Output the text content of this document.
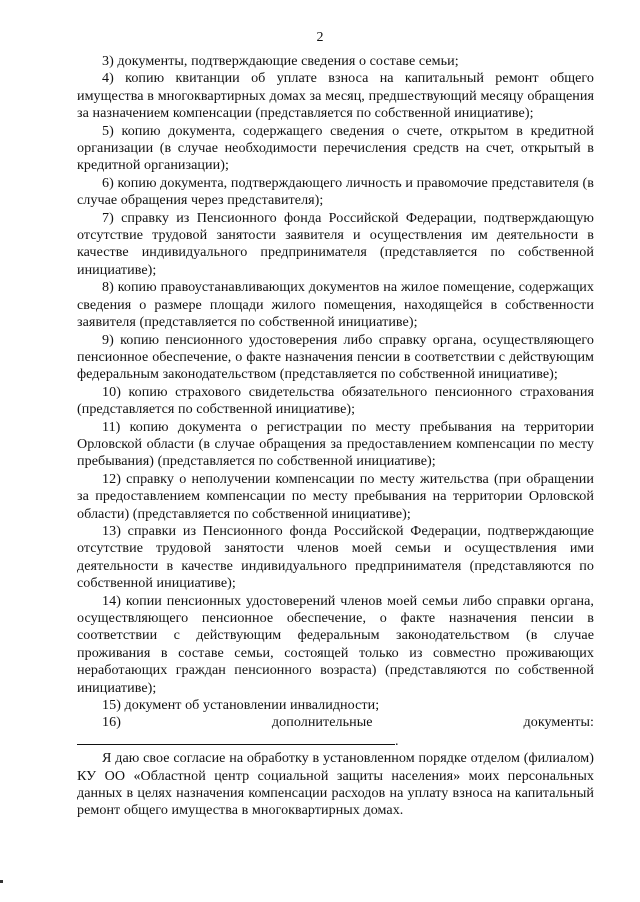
2

3) документы, подтверждающие сведения о составе семьи;

4) копию квитанции об уплате взноса на капитальный ремонт общего имущества в многоквартирных домах за месяц, предшествующий месяцу обращения за назначением компенсации (представляется по собственной инициативе);

5) копию документа, содержащего сведения о счете, открытом в кредитной организации (в случае необходимости перечисления средств на счет, открытый в кредитной организации);

6) копию документа, подтверждающего личность и правомочие представителя (в случае обращения через представителя);

7) справку из Пенсионного фонда Российской Федерации, подтверждающую отсутствие трудовой занятости заявителя и осуществления им деятельности в качестве индивидуального предпринимателя (представляется по собственной инициативе);

8) копию правоустанавливающих документов на жилое помещение, содержащих сведения о размере площади жилого помещения, находящейся в собственности заявителя (представляется по собственной инициативе);

9) копию пенсионного удостоверения либо справку органа, осуществляющего пенсионное обеспечение, о факте назначения пенсии в соответствии с действующим федеральным законодательством (представляется по собственной инициативе);

10) копию страхового свидетельства обязательного пенсионного страхования (представляется по собственной инициативе);

11) копию документа о регистрации по месту пребывания на территории Орловской области (в случае обращения за предоставлением компенсации по месту пребывания) (представляется по собственной инициативе);

12) справку о неполучении компенсации по месту жительства (при обращении за предоставлением компенсации по месту пребывания на территории Орловской области) (представляется по собственной инициативе);

13) справки из Пенсионного фонда Российской Федерации, подтверждающие отсутствие трудовой занятости членов моей семьи и осуществления ими деятельности в качестве индивидуального предпринимателя (представляются по собственной инициативе);

14) копии пенсионных удостоверений членов моей семьи либо справки органа, осуществляющего пенсионное обеспечение, о факте назначения пенсии в соответствии с действующим федеральным законодательством (в случае проживания в составе семьи, состоящей только из совместно проживающих неработающих граждан пенсионного возраста) (представляются по собственной инициативе);

15) документ об установлении инвалидности;

16) дополнительные документы: .

Я даю свое согласие на обработку в установленном порядке отделом (филиалом) КУ ОО «Областной центр социальной защиты населения» моих персональных данных в целях назначения компенсации расходов на уплату взноса на капитальный ремонт общего имущества в многоквартирных домах.
